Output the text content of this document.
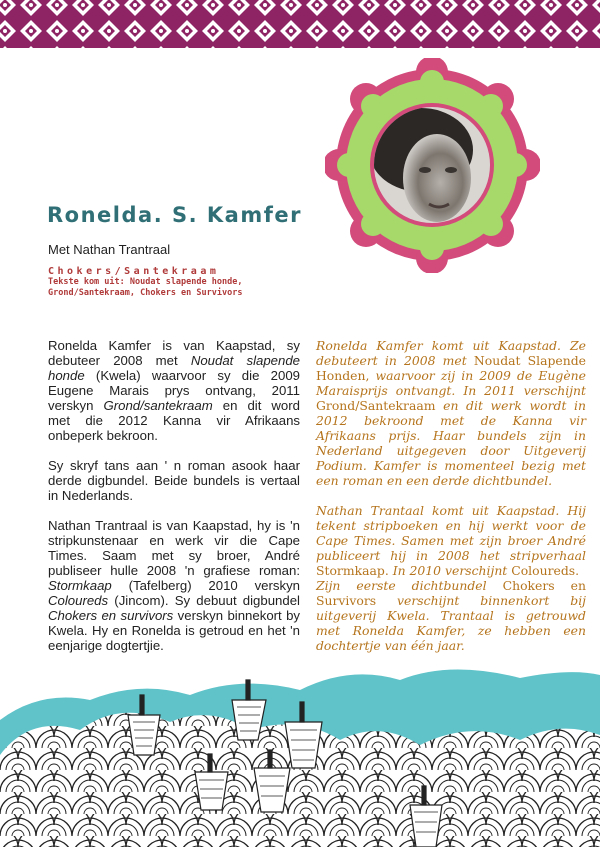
Ronelda. S. Kamfer
Met Nathan Trantraal
Chokers/Santekraam
Tekste kom uit: Noudat slapende honde,
Grond/Santekraam, Chokers en Survivors

Ronelda Kamfer is van Kaapstad, sy debuteer 2008 met Noudat slapende honde (Kwela) waarvoor sy die 2009 Eugene Marais prys ontvang, 2011 verskyn Grond/santekraam en dit word met die 2012 Kanna vir Afrikaans onbeperk bekroon.

Sy skryf tans aan ' n roman asook haar derde digbundel. Beide bundels is vertaal in Nederlands.

Nathan Trantraal is van Kaapstad, hy is 'n stripkunstenaar en werk vir die Cape Times. Saam met sy broer, André publiseer hulle 2008 'n grafiese roman: Stormkaap (Tafelberg) 2010 verskyn Coloureds (Jincom). Sy debuut digbundel Chokers en survivors verskyn binnekort by Kwela. Hy en Ronelda is getroud en het 'n eenjarige dogtertjie.

Ronelda Kamfer komt uit Kaapstad. Ze debuteert in 2008 met Noudat Slapende Honden, waarvoor zij in 2009 de Eugène Maraisprijs ontvangt. In 2011 verschijnt Grond/Santekraam en dit werk wordt in 2012 bekroond met de Kanna vir Afrikaans prijs. Haar bundels zijn in Nederland uitgegeven door Uitgeverij Podium. Kamfer is momenteel bezig met een roman en een derde dichtbundel.

Nathan Trantaal komt uit Kaapstad. Hij tekent stripboeken en hij werkt voor de Cape Times. Samen met zijn broer André publiceert hij in 2008 het stripverhaal Stormkaap. In 2010 verschijnt Coloureds.

Zijn eerste dichtbundel Chokers en Survivors verschijnt binnenkort bij uitgeverij Kwela. Trantaal is getrouwd met Ronelda Kamfer, ze hebben een dochtertje van één jaar.
